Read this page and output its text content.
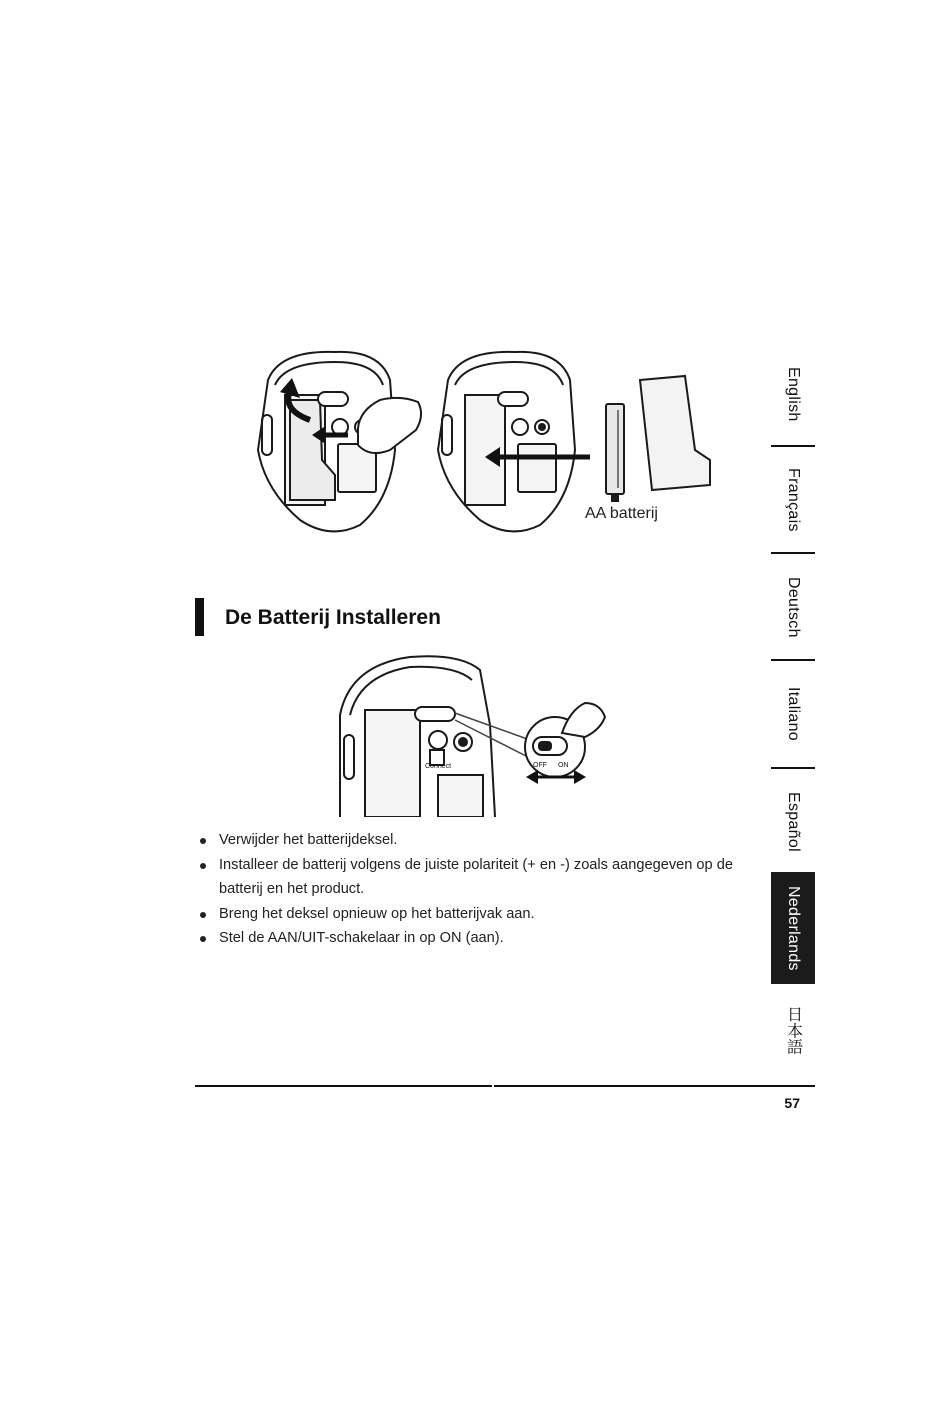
AA batterij
De Batterij Installeren
Connect	OFF ON
Verwijder het batterijdeksel.
Installeer de batterij volgens de juiste polariteit (+ en -) zoals aangegeven op de batterij en het product.
Breng het deksel opnieuw op het batterijvak aan.
Stel de AAN/UIT-schakelaar in op ON (aan).
English
Français
Deutsch
Italiano
Español
Nederlands
日本語
57
